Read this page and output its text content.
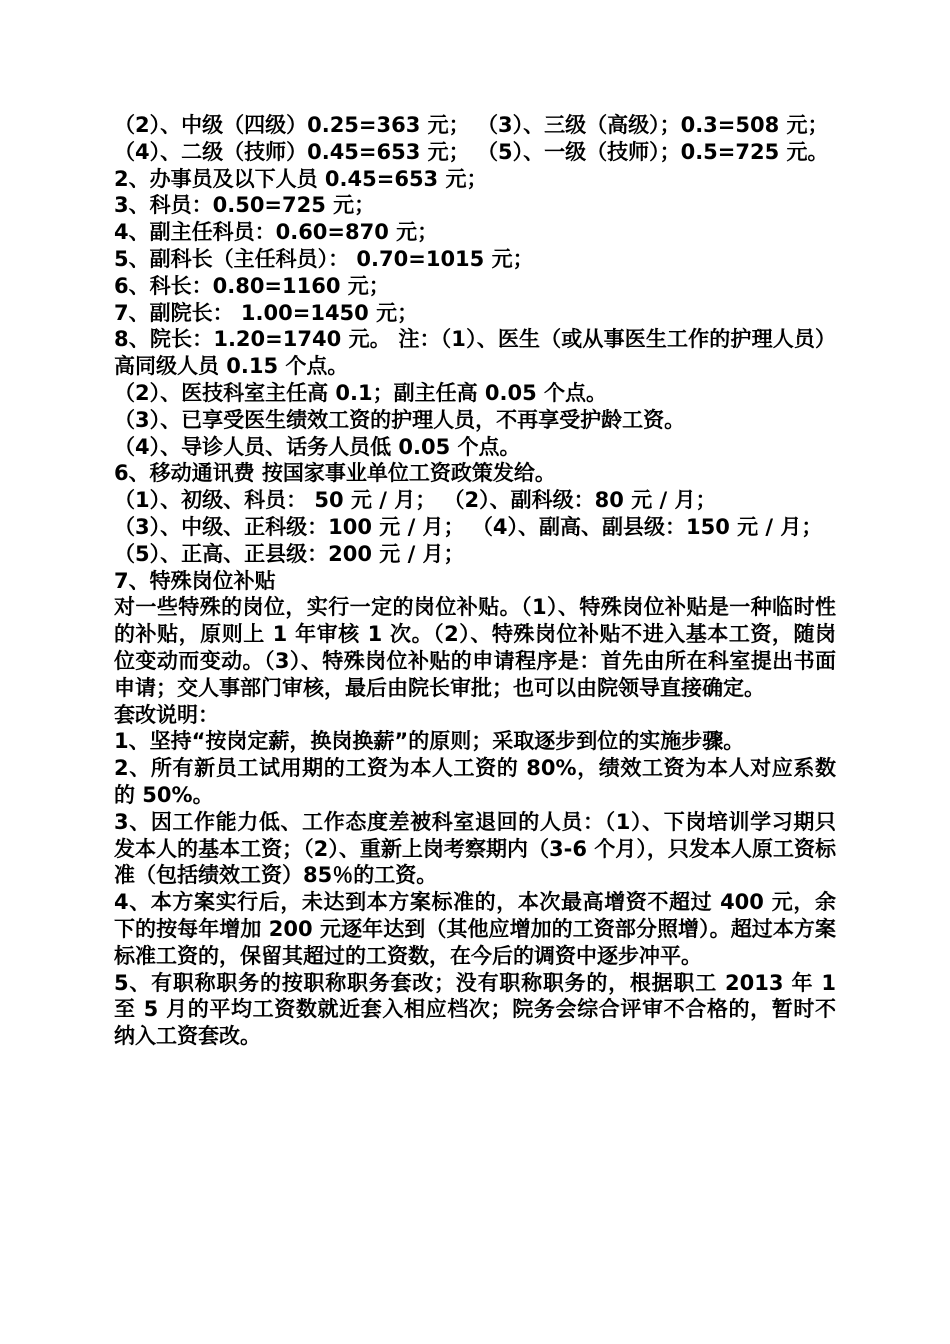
（2）、中级（四级）0.25=363 元； （3）、三级（高级）；0.3=508 元；
（4）、二级（技师）0.45=653 元； （5）、一级（技师）；0.5=725 元。
2、办事员及以下人员 0.45=653 元；
3、科员：0.50=725 元；
4、副主任科员：0.60=870 元；
5、副科长（主任科员）： 0.70=1015 元；
6、科长：0.80=1160 元；
7、副院长： 1.00=1450 元；
8、院长：1.20=1740 元。 注：（1）、医生（或从事医生工作的护理人员）高同级人员 0.15 个点。
（2）、医技科室主任高 0.1；副主任高 0.05 个点。
（3）、已享受医生绩效工资的护理人员，不再享受护龄工资。
（4）、导诊人员、话务人员低 0.05 个点。
6、移动通讯费 按国家事业单位工资政策发给。
（1）、初级、科员： 50 元 / 月； （2）、副科级：80 元 / 月；
（3）、中级、正科级：100 元 / 月； （4）、副高、副县级：150 元 / 月；
（5）、正高、正县级：200 元 / 月；
7、特殊岗位补贴
对一些特殊的岗位，实行一定的岗位补贴。（1）、特殊岗位补贴是一种临时性的补贴，原则上 1 年审核 1 次。（2）、特殊岗位补贴不进入基本工资，随岗位变动而变动。（3）、特殊岗位补贴的申请程序是：首先由所在科室提出书面申请；交人事部门审核，最后由院长审批；也可以由院领导直接确定。
套改说明：
1、坚持“按岗定薪，换岗换薪”的原则；采取逐步到位的实施步骤。
2、所有新员工试用期的工资为本人工资的 80%，绩效工资为本人对应系数的 50%。
3、因工作能力低、工作态度差被科室退回的人员：（1）、下岗培训学习期只发本人的基本工资；（2）、重新上岗考察期内（3-6 个月），只发本人原工资标准（包括绩效工资）85％的工资。
4、本方案实行后，未达到本方案标准的，本次最高增资不超过 400 元，余下的按每年增加 200 元逐年达到（其他应增加的工资部分照增）。超过本方案标准工资的，保留其超过的工资数，在今后的调资中逐步冲平。
5、有职称职务的按职称职务套改；没有职称职务的，根据职工 2013 年 1 至 5 月的平均工资数就近套入相应档次；院务会综合评审不合格的，暂时不纳入工资套改。
